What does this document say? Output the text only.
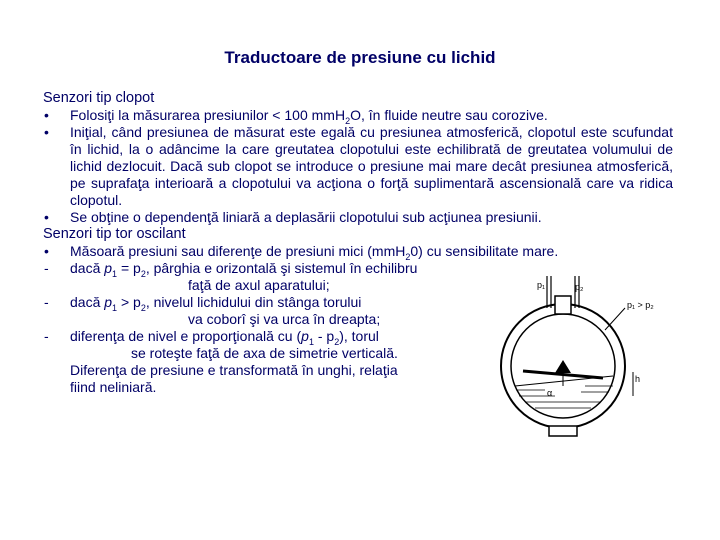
Traductoare de presiune cu lichid
Senzori tip clopot
• Folosiţi la măsurarea presiunilor < 100 mmH$_2$O, în fluide neutre sau corozive.
• Iniţial, când presiunea de măsurat este egală cu presiunea atmosferică, clopotul este scufundat în lichid, la o adâncime la care greutatea clopotului este echilibrată de greutatea volumului de lichid dezlocuit. Dacă sub clopot se introduce o presiune mai mare decât presiunea atmosferică, pe suprafaţa interioară a clopotului va acţiona o forţă suplimentară ascensională care va ridica clopotul.
• Se obţine o dependenţă liniară a deplasării clopotului sub acţiunea presiunii.
Senzori tip tor oscilant
• Măsoară presiuni sau diferenţe de presiuni mici (mmH$_2$0) cu sensibilitate mare.
- dacă $p_1 = p_2$, pârghia e orizontală şi sistemul în echilibru
faţă de axul aparatului;
- dacă $p_1 > p_2$, nivelul lichidului din stânga torului
va coborî şi va urca în dreapta;
- diferenţa de nivel e proporţională cu $(p_1 - p_2)$, torul
se roteşte faţă de axa de simetrie verticală.
Diferenţa de presiune e transformată în unghi, relaţia fiind neliniară.
p₁	p₂
p₁ > p₂
h
α
